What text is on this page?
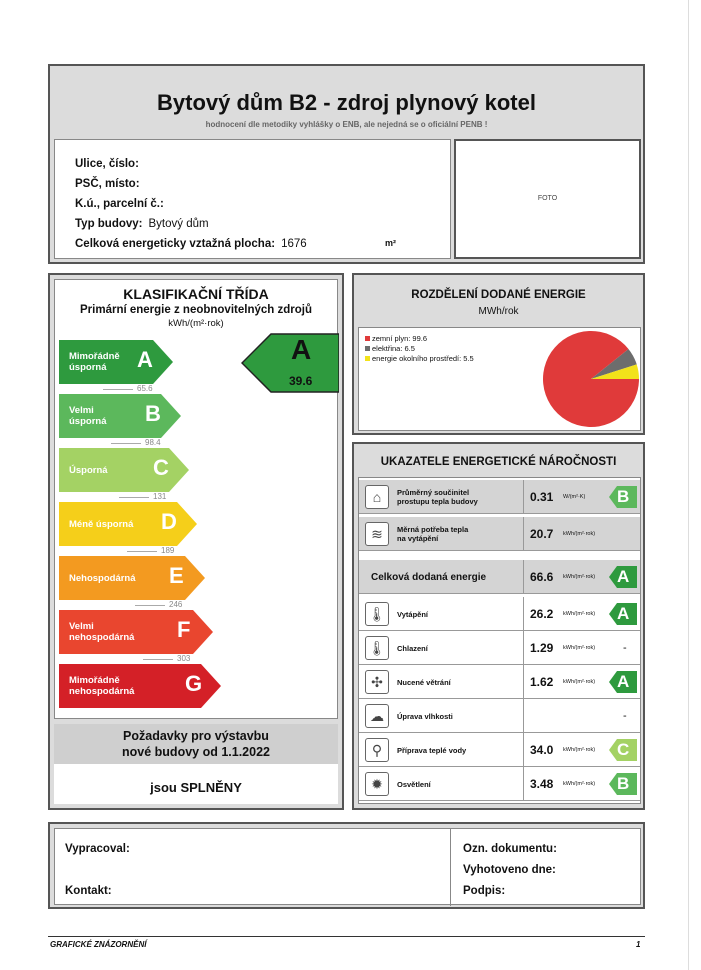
Bytový dům B2 - zdroj plynový kotel
hodnocení dle metodiky vyhlášky o ENB, ale nejedná se o oficiální PENB !
Ulice, číslo:
PSČ, místo:
K.ú., parcelní č.:
Typ budovy: Bytový dům
Celková energeticky vztažná plocha: 1676	m²
FOTO
KLASIFIKAČNÍ TŘÍDA
Primární energie z neobnovitelných zdrojů
kWh/(m²·rok)
Mimořádně
úsporná	A
65.6
Velmi
úsporná B
98.4
Úsporná C
131
Méně úsporná D
189
Nehospodárná E
246
Velmi
nehospodárná F
303
Mimořádně
nehospodárná G
A
39.6
Požadavky pro výstavbu
nové budovy od 1.1.2022
jsou SPLNĚNY
ROZDĚLENÍ DODANÉ ENERGIE
MWh/rok
zemní plyn: 99.6
elektřina: 6.5
energie okolního prostředí: 5.5
UKAZATELE ENERGETICKÉ NÁROČNOSTI
⌂	Průměrný součinitel
prostupu tepla budovy	0.31	W/(m²·K) B
≋	Měrná potřeba tepla
na vytápění	20.7	kWh/(m²·rok)
Celková dodaná energie	66.6	kWh/(m²·rok) A
🌡	Vytápění	26.2	kWh/(m²·rok) A
🌡	Chlazení	1.29	kWh/(m²·rok)	-
✣	Nucené větrání	1.62	kWh/(m²·rok) A
☁	Úprava vlhkosti	-
⚲	Příprava teplé vody	34.0	kWh/(m²·rok) C
✹	Osvětlení	3.48	kWh/(m²·rok) B
Vypracoval:
Kontakt:
Ozn. dokumentu:
Vyhotoveno dne:
Podpis:
GRAFICKÉ ZNÁZORNĚNÍ	1
